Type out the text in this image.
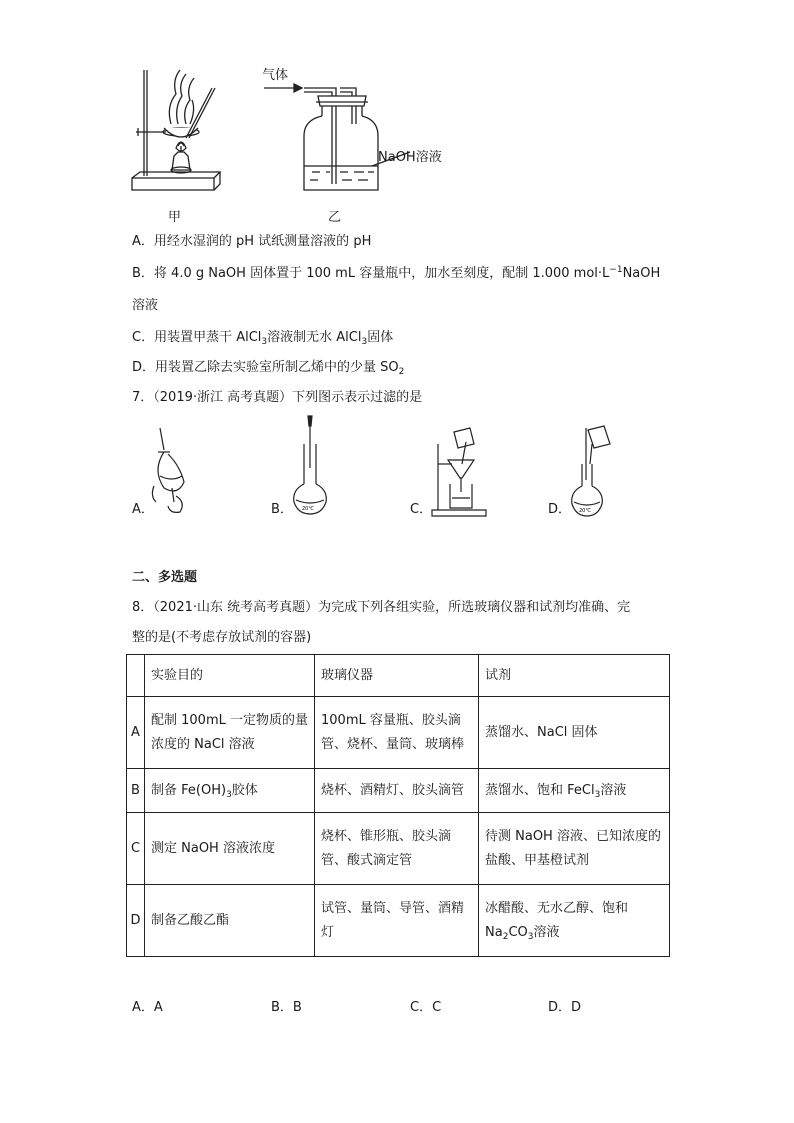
甲
气体
NaOH溶液
乙
A．用经水湿润的 pH 试纸测量溶液的 pH
B．将 4.0 g NaOH 固体置于 100 mL 容量瓶中，加水至刻度，配制 1.000 $mol\cdot L^{-1}NaOH$
溶液
C．用装置甲蒸干 AlCl$_3$溶液制无水 AlCl$_3$固体
D．用装置乙除去实验室所制乙烯中的少量 $SO_2$
7．（2019·浙江 高考真题）下列图示表示过滤的是
A．	B． 20℃	C．	D． 20℃
二、多选题
8．（2021·山东 统考高考真题）为完成下列各组实验，所选玻璃仪器和试剂均准确、完
整的是(不考虑存放试剂的容器)
	实验目的	玻璃仪器	试剂
A	配制 100mL 一定物质的量浓度的 NaCl 溶液	100mL 容量瓶、胶头滴管、烧杯、量筒、玻璃棒	蒸馏水、NaCl 固体
B	制备 $Fe(OH)_3$胶体	烧杯、酒精灯、胶头滴管	蒸馏水、饱和 FeCl$_3$溶液
C	测定 NaOH 溶液浓度	烧杯、锥形瓶、胶头滴管、酸式滴定管	待测 NaOH 溶液、已知浓度的盐酸、甲基橙试剂
D	制备乙酸乙酯	试管、量筒、导管、酒精灯	冰醋酸、无水乙醇、饱和 $Na_2CO_3$溶液
A．A	B．B	C．C	D．D
